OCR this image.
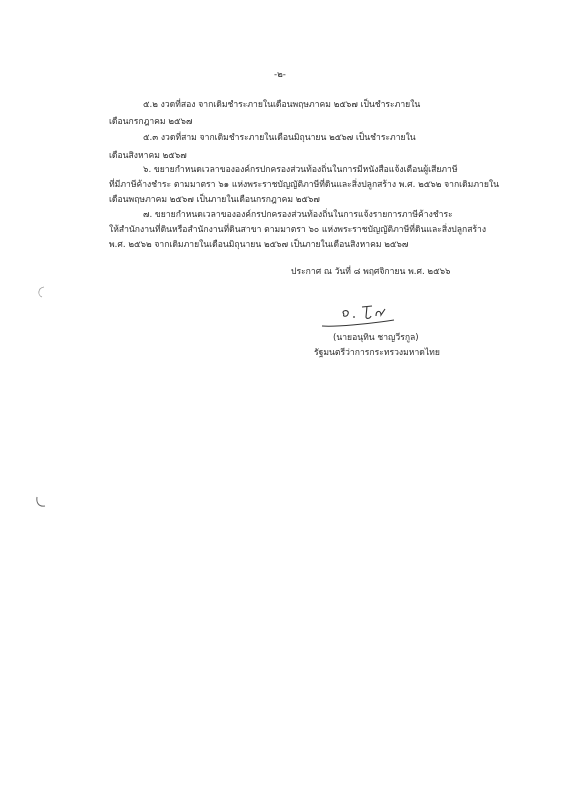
-๒-
๕.๒ งวดที่สอง จากเดิมชำระภายในเดือนพฤษภาคม ๒๕๖๗ เป็นชำระภายใน
เดือนกรกฎาคม ๒๕๖๗
๕.๓ งวดที่สาม จากเดิมชำระภายในเดือนมิถุนายน ๒๕๖๗ เป็นชำระภายใน
เดือนสิงหาคม ๒๕๖๗
๖. ขยายกำหนดเวลาขององค์กรปกครองส่วนท้องถิ่นในการมีหนังสือแจ้งเตือนผู้เสียภาษี
ที่มีภาษีค้างชำระ ตามมาตรา ๖๑ แห่งพระราชบัญญัติภาษีที่ดินและสิ่งปลูกสร้าง พ.ศ. ๒๕๖๒ จากเดิมภายใน
เดือนพฤษภาคม ๒๕๖๗ เป็นภายในเดือนกรกฎาคม ๒๕๖๗
๗. ขยายกำหนดเวลาขององค์กรปกครองส่วนท้องถิ่นในการแจ้งรายการภาษีค้างชำระ
ให้สำนักงานที่ดินหรือสำนักงานที่ดินสาขา ตามมาตรา ๖๐ แห่งพระราชบัญญัติภาษีที่ดินและสิ่งปลูกสร้าง
พ.ศ. ๒๕๖๒ จากเดิมภายในเดือนมิถุนายน ๒๕๖๗ เป็นภายในเดือนสิงหาคม ๒๕๖๗
ประกาศ ณ วันที่ ๘ พฤศจิกายน พ.ศ. ๒๕๖๖
(นายอนุทิน ชาญวีรกูล)
รัฐมนตรีว่าการกระทรวงมหาดไทย
